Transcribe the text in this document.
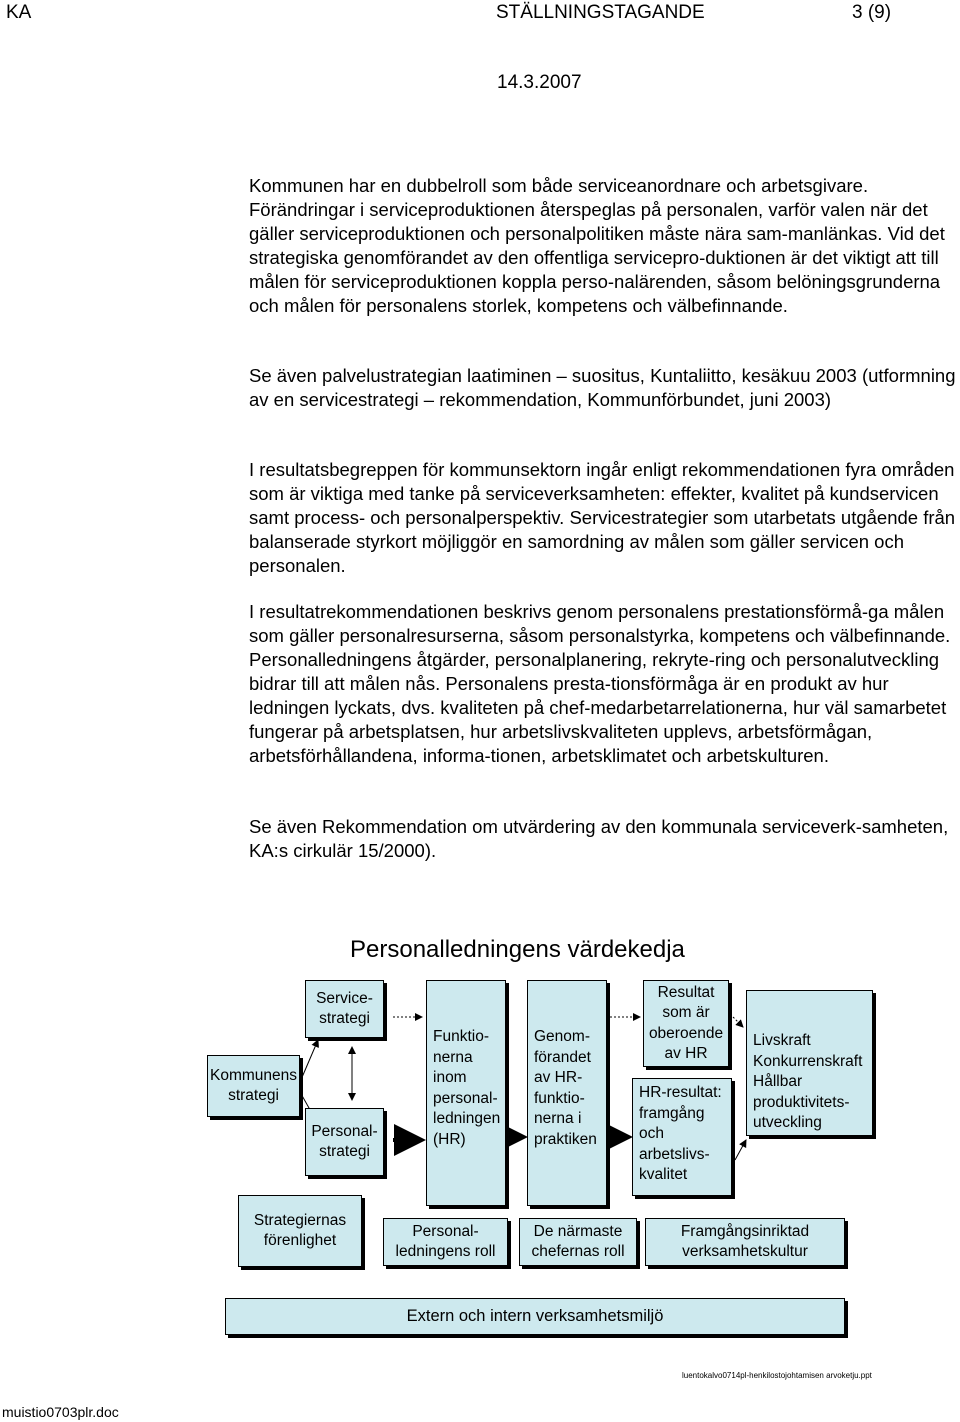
KA	STÄLLNINGSTAGANDE	3 (9)
14.3.2007

Kommunen har en dubbelroll som både serviceanordnare och arbetsgivare. Förändringar i serviceproduktionen återspeglas på personalen, varför valen när det gäller serviceproduktionen och personalpolitiken måste nära sam-manlänkas. Vid det strategiska genomförandet av den offentliga servicepro-duktionen är det viktigt att till målen för serviceproduktionen koppla perso-nalärenden, såsom belöningsgrunderna och målen för personalens storlek, kompetens och välbefinnande.

Se även palvelustrategian laatiminen – suositus, Kuntaliitto, kesäkuu 2003 (utformning av en servicestrategi – rekommendation, Kommunförbundet, juni 2003)

I resultatsbegreppen för kommunsektorn ingår enligt rekommendationen fyra områden som är viktiga med tanke på serviceverksamheten: effekter, kvalitet på kundservicen samt process- och personalperspektiv. Servicestrategier som utarbetats utgående från balanserade styrkort möjliggör en samordning av målen som gäller servicen och personalen.

I resultatrekommendationen beskrivs genom personalens prestationsförmå-ga målen som gäller personalresurserna, såsom personalstyrka, kompetens och välbefinnande. Personalledningens åtgärder, personalplanering, rekryte-ring och personalutveckling bidrar till att målen nås. Personalens presta-tionsförmåga är en produkt av hur ledningen lyckats, dvs. kvaliteten på chef-medarbetarrelationerna, hur väl samarbetet fungerar på arbetsplatsen, hur arbetslivskvaliteten upplevs, arbetsförmågan, arbetsförhållandena, informa-tionen, arbetsklimatet och arbetskulturen.

Se även Rekommendation om utvärdering av den kommunala serviceverk-samheten, KA:s cirkulär 15/2000).

Personalledningens värdekedja
Kommunens
strategi
Service-
strategi
Personal-
strategi
Funktio-
nerna
inom
personal-
ledningen
(HR)
Genom-
förandet
av HR-
funktio-
nerna i
praktiken
Resultat
som är
oberoende
av HR
HR-resultat:
framgång
och
arbetslivs-
kvalitet
Livskraft
Konkurrenskraft
Hållbar
produktivitets-
utveckling
Strategiernas
förenlighet
Personal-
ledningens roll
De närmaste
chefernas roll
Framgångsinriktad
verksamhetskultur
Extern och intern verksamhetsmiljö
luentokalvo0714pl-henkilostojohtamisen arvoketju.ppt
muistio0703plr.doc
